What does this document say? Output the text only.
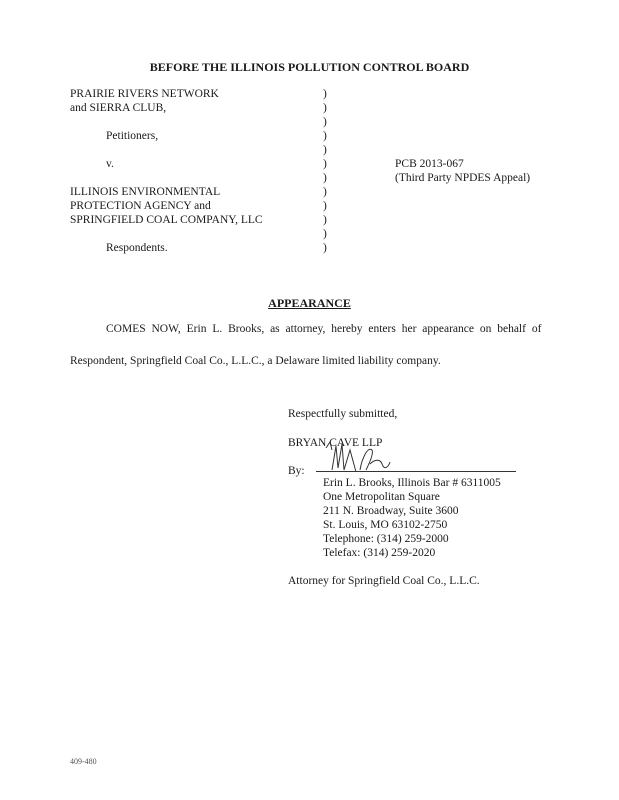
BEFORE THE ILLINOIS POLLUTION CONTROL BOARD
PRAIRIE RIVERS NETWORK
and SIERRA CLUB,
Petitioners,
v.
ILLINOIS ENVIRONMENTAL
PROTECTION AGENCY and
SPRINGFIELD COAL COMPANY, LLC
Respondents.
)
)
)
)
)
)
)
)
)
)
)
)
PCB 2013-067
(Third Party NPDES Appeal)
APPEARANCE
COMES NOW, Erin L. Brooks, as attorney, hereby enters her appearance on behalf of
Respondent, Springfield Coal Co., L.L.C., a Delaware limited liability company.
Respectfully submitted,
BRYAN CAVE LLP
By:
Erin L. Brooks, Illinois Bar # 6311005
One Metropolitan Square
211 N. Broadway, Suite 3600
St. Louis, MO 63102-2750
Telephone: (314) 259-2000
Telefax: (314) 259-2020
Attorney for Springfield Coal Co., L.L.C.
409-480
